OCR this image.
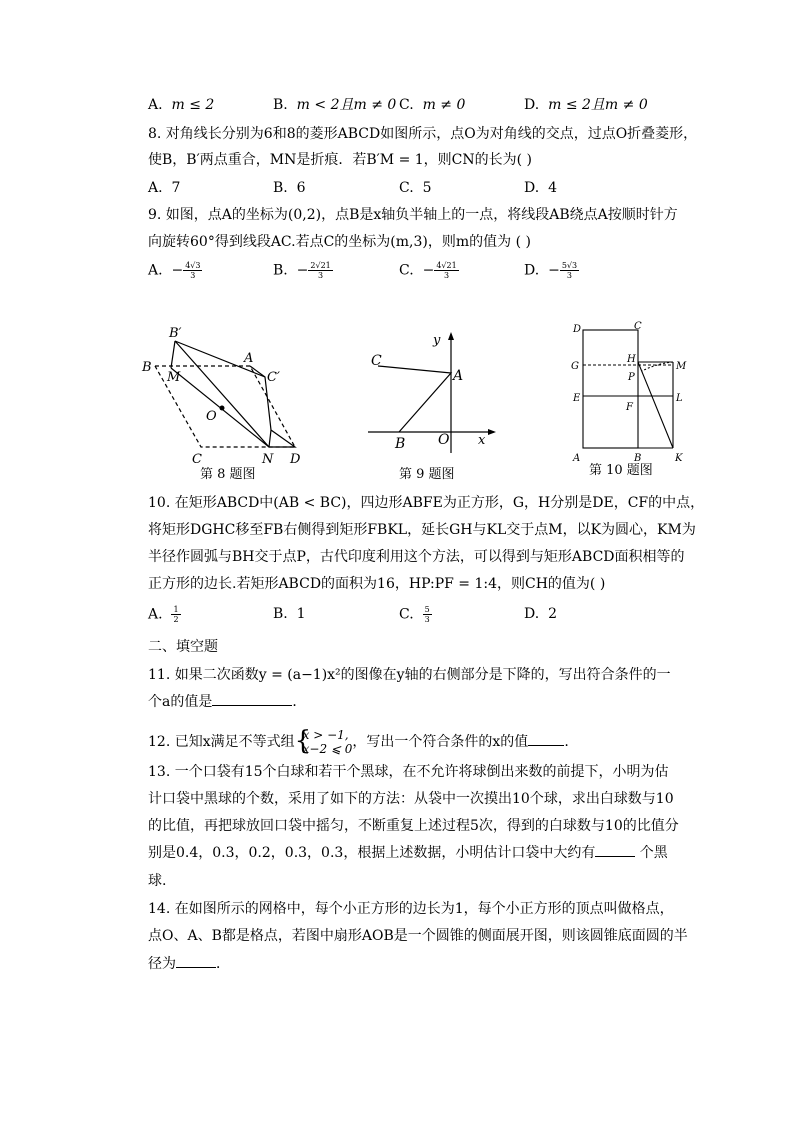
A. m ≤ 2	B. m < 2且m ≠ 0 C. m ≠ 0	D. m ≤ 2且m ≠ 0
8. 对角线长分别为6和8的菱形ABCD如图所示，点O为对角线的交点，过点O折叠菱形，
使B，B′两点重合，MN是折痕．若B′M = 1，则CN的长为( )
A. 7	B. 6	C. 5	D. 4
9. 如图，点A的坐标为(0,2)，点B是x轴负半轴上的一点，将线段AB绕点A按顺时针方
向旋转60°得到线段AC.若点C的坐标为(m,3)，则m的值为 ( )
A. − $\frac{4√3}{3}$	B. − $\frac{2√21}{3}$	C. − $\frac{4√21}{3}$	D. − $\frac{5√3}{3}$
B′
B
A
C′
M
O
C	N D
第 8 题图
y
C
A
B O x
第 9 题图
D	C
G
H
M
P
E
F
L
A	B	K
第 10 题图
10. 在矩形ABCD中(AB < BC)，四边形ABFE为正方形，G，H分别是DE，CF的中点，
将矩形DGHC移至FB右侧得到矩形FBKL，延长GH与KL交于点M，以K为圆心，KM为
半径作圆弧与BH交于点P，古代印度利用这个方法，可以得到与矩形ABCD面积相等的
正方形的边长.若矩形ABCD的面积为16，HP:PF = 1:4，则CH的值为( )
A. $\frac{1}{2}$	B. 1	C. $\frac{5}{3}$	D. 2
二、填空题
11. 如果二次函数y = (a−1)x²的图像在y轴的右侧部分是下降的，写出符合条件的一
个a的值是	．
12. 已知x满足不等式组 {
x > −1,
x−2 ⩽ 0 ，写出一个符合条件的x的值	.
13. 一个口袋有15个白球和若干个黑球，在不允许将球倒出来数的前提下，小明为估
计口袋中黑球的个数，采用了如下的方法：从袋中一次摸出10个球，求出白球数与10
的比值，再把球放回口袋中摇匀，不断重复上述过程5次，得到的白球数与10的比值分
别是0.4，0.3，0.2，0.3，0.3，根据上述数据，小明估计口袋中大约有	个黑
球.
14. 在如图所示的网格中，每个小正方形的边长为1，每个小正方形的顶点叫做格点，
点O、A、B都是格点，若图中扇形AOB是一个圆锥的侧面展开图，则该圆锥底面圆的半
径为	．
